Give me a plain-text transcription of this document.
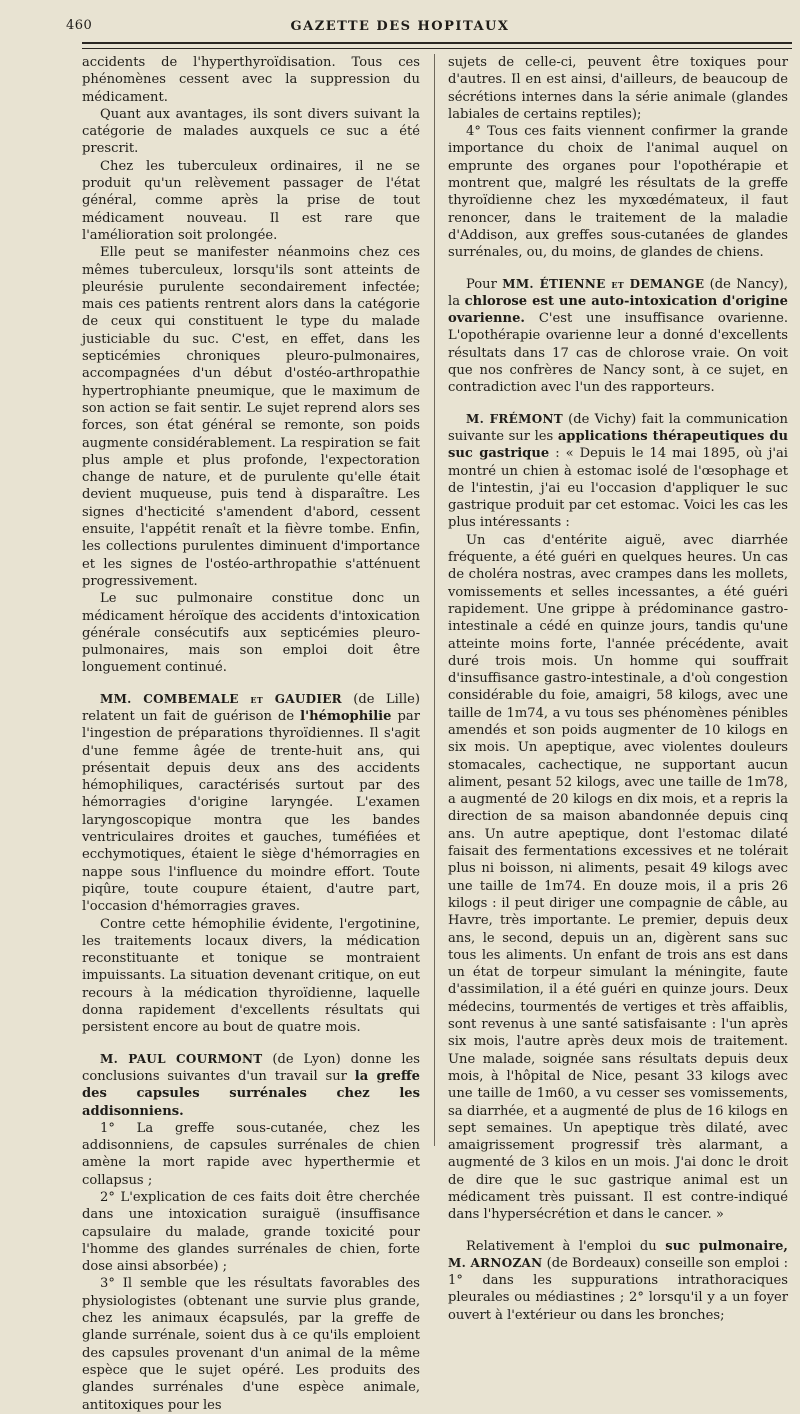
460	GAZETTE DES HOPITAUX

accidents de l'hyperthyroïdisation. Tous ces phénomènes cessent avec la suppression du médicament.

Quant aux avantages, ils sont divers suivant la catégorie de malades auxquels ce suc a été prescrit.

Chez les tuberculeux ordinaires, il ne se produit qu'un relèvement passager de l'état général, comme après la prise de tout médicament nouveau. Il est rare que l'amélioration soit prolongée.

Elle peut se manifester néanmoins chez ces mêmes tuberculeux, lorsqu'ils sont atteints de pleurésie purulente secondairement infectée; mais ces patients rentrent alors dans la catégorie de ceux qui constituent le type du malade justiciable du suc. C'est, en effet, dans les septicémies chroniques pleuro-pulmonaires, accompagnées d'un début d'ostéo-arthropathie hypertrophiante pneumique, que le maximum de son action se fait sentir. Le sujet reprend alors ses forces, son état général se remonte, son poids augmente considérablement. La respiration se fait plus ample et plus profonde, l'expectoration change de nature, et de purulente qu'elle était devient muqueuse, puis tend à disparaître. Les signes d'hecticité s'amendent d'abord, cessent ensuite, l'appétit renaît et la fièvre tombe. Enfin, les collections purulentes diminuent d'importance et les signes de l'ostéo-arthropathie s'atténuent progressivement.

Le suc pulmonaire constitue donc un médicament héroïque des accidents d'intoxication générale consécutifs aux septicémies pleuro-pulmonaires, mais son emploi doit être longuement continué.

MM. COMBEMALE et GAUDIER (de Lille) relatent un fait de guérison de l'hémophilie par l'ingestion de préparations thyroïdiennes. Il s'agit d'une femme âgée de trente-huit ans, qui présentait depuis deux ans des accidents hémophiliques, caractérisés surtout par des hémorragies d'origine laryngée. L'examen laryngoscopique montra que les bandes ventriculaires droites et gauches, tuméfiées et ecchymotiques, étaient le siège d'hémorragies en nappe sous l'influence du moindre effort. Toute piqûre, toute coupure étaient, d'autre part, l'occasion d'hémorragies graves.

Contre cette hémophilie évidente, l'ergotinine, les traitements locaux divers, la médication reconstituante et tonique se montraient impuissants. La situation devenant critique, on eut recours à la médication thyroïdienne, laquelle donna rapidement d'excellents résultats qui persistent encore au bout de quatre mois.

M. PAUL COURMONT (de Lyon) donne les conclusions suivantes d'un travail sur la greffe des capsules surrénales chez les addisonniens.

1° La greffe sous-cutanée, chez les addisonniens, de capsules surrénales de chien amène la mort rapide avec hyperthermie et collapsus ;

2° L'explication de ces faits doit être cherchée dans une intoxication suraiguë (insuffisance capsulaire du malade, grande toxicité pour l'homme des glandes surrénales de chien, forte dose ainsi absorbée) ;

3° Il semble que les résultats favorables des physiologistes (obtenant une survie plus grande, chez les animaux écapsulés, par la greffe de glande surrénale, soient dus à ce qu'ils emploient des capsules provenant d'un animal de la même espèce que le sujet opéré. Les produits des glandes surrénales d'une espèce animale, antitoxiques pour les

sujets de celle-ci, peuvent être toxiques pour d'autres. Il en est ainsi, d'ailleurs, de beaucoup de sécrétions internes dans la série animale (glandes labiales de certains reptiles);

4° Tous ces faits viennent confirmer la grande importance du choix de l'animal auquel on emprunte des organes pour l'opothérapie et montrent que, malgré les résultats de la greffe thyroïdienne chez les myxœdémateux, il faut renoncer, dans le traitement de la maladie d'Addison, aux greffes sous-cutanées de glandes surrénales, ou, du moins, de glandes de chiens.

Pour MM. ÉTIENNE et DEMANGE (de Nancy), la chlorose est une auto-intoxication d'origine ovarienne. C'est une insuffisance ovarienne. L'opothérapie ovarienne leur a donné d'excellents résultats dans 17 cas de chlorose vraie. On voit que nos confrères de Nancy sont, à ce sujet, en contradiction avec l'un des rapporteurs.

M. FRÉMONT (de Vichy) fait la communication suivante sur les applications thérapeutiques du suc gastrique : « Depuis le 14 mai 1895, où j'ai montré un chien à estomac isolé de l'œsophage et de l'intestin, j'ai eu l'occasion d'appliquer le suc gastrique produit par cet estomac. Voici les cas les plus intéressants :

Un cas d'entérite aiguë, avec diarrhée fréquente, a été guéri en quelques heures. Un cas de choléra nostras, avec crampes dans les mollets, vomissements et selles incessantes, a été guéri rapidement. Une grippe à prédominance gastro-intestinale a cédé en quinze jours, tandis qu'une atteinte moins forte, l'année précédente, avait duré trois mois. Un homme qui souffrait d'insuffisance gastro-intestinale, a d'où congestion considérable du foie, amaigri, 58 kilogs, avec une taille de 1m74, a vu tous ses phénomènes pénibles amendés et son poids augmenter de 10 kilogs en six mois. Un apeptique, avec violentes douleurs stomacales, cachectique, ne supportant aucun aliment, pesant 52 kilogs, avec une taille de 1m78, a augmenté de 20 kilogs en dix mois, et a repris la direction de sa maison abandonnée depuis cinq ans. Un autre apeptique, dont l'estomac dilaté faisait des fermentations excessives et ne tolérait plus ni boisson, ni aliments, pesait 49 kilogs avec une taille de 1m74. En douze mois, il a pris 26 kilogs : il peut diriger une compagnie de câble, au Havre, très importante. Le premier, depuis deux ans, le second, depuis un an, digèrent sans suc tous les aliments. Un enfant de trois ans est dans un état de torpeur simulant la méningite, faute d'assimilation, il a été guéri en quinze jours. Deux médecins, tourmentés de vertiges et très affaiblis, sont revenus à une santé satisfaisante : l'un après six mois, l'autre après deux mois de traitement. Une malade, soignée sans résultats depuis deux mois, à l'hôpital de Nice, pesant 33 kilogs avec une taille de 1m60, a vu cesser ses vomissements, sa diarrhée, et a augmenté de plus de 16 kilogs en sept semaines. Un apeptique très dilaté, avec amaigrissement progressif très alarmant, a augmenté de 3 kilos en un mois. J'ai donc le droit de dire que le suc gastrique animal est un médicament très puissant. Il est contre-indiqué dans l'hypersécrétion et dans le cancer. »

Relativement à l'emploi du suc pulmonaire, M. ARNOZAN (de Bordeaux) conseille son emploi : 1° dans les suppurations intrathoraciques pleurales ou médiastines ; 2° lorsqu'il y a un foyer ouvert à l'extérieur ou dans les bronches;
